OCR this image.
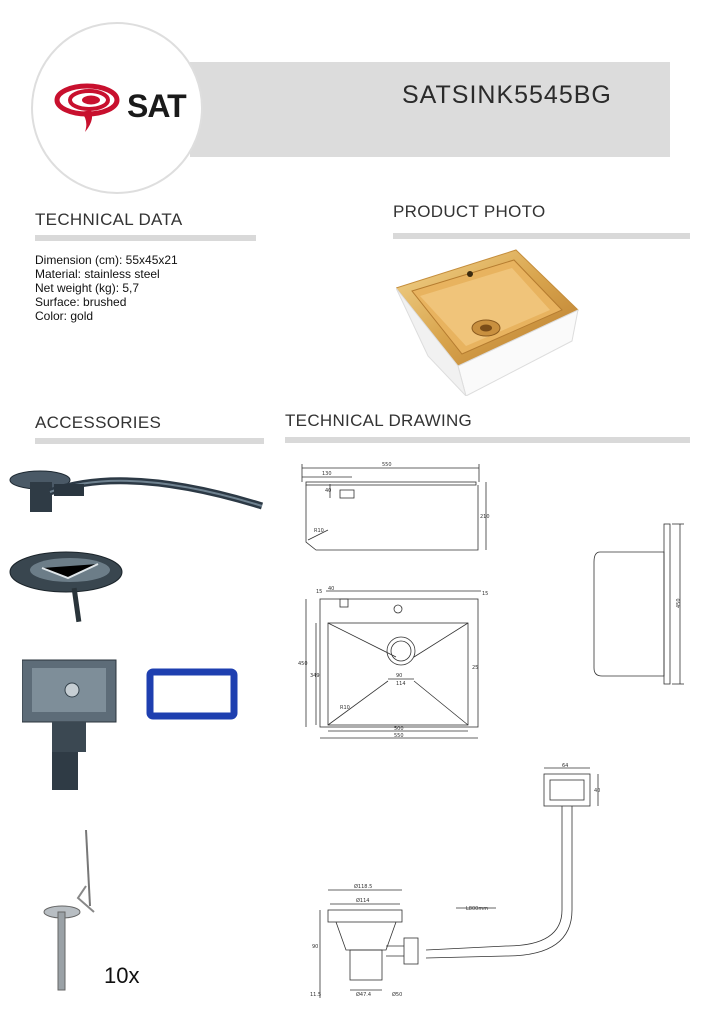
SAT	SATSINK5545BG
TECHNICAL DATA
Dimension (cm): 55x45x21
Material: stainless steel
Net weight (kg): 5,7
Surface: brushed
Color: gold
PRODUCT PHOTO
ACCESSORIES
10x
TECHNICAL DRAWING
550
130
40
210
R10
450
15 40
15
90
114
25
450
349
R10
500
550
64
40
L800mm
Ø118.5
Ø114
90
11.5	Ø47.4	Ø50
